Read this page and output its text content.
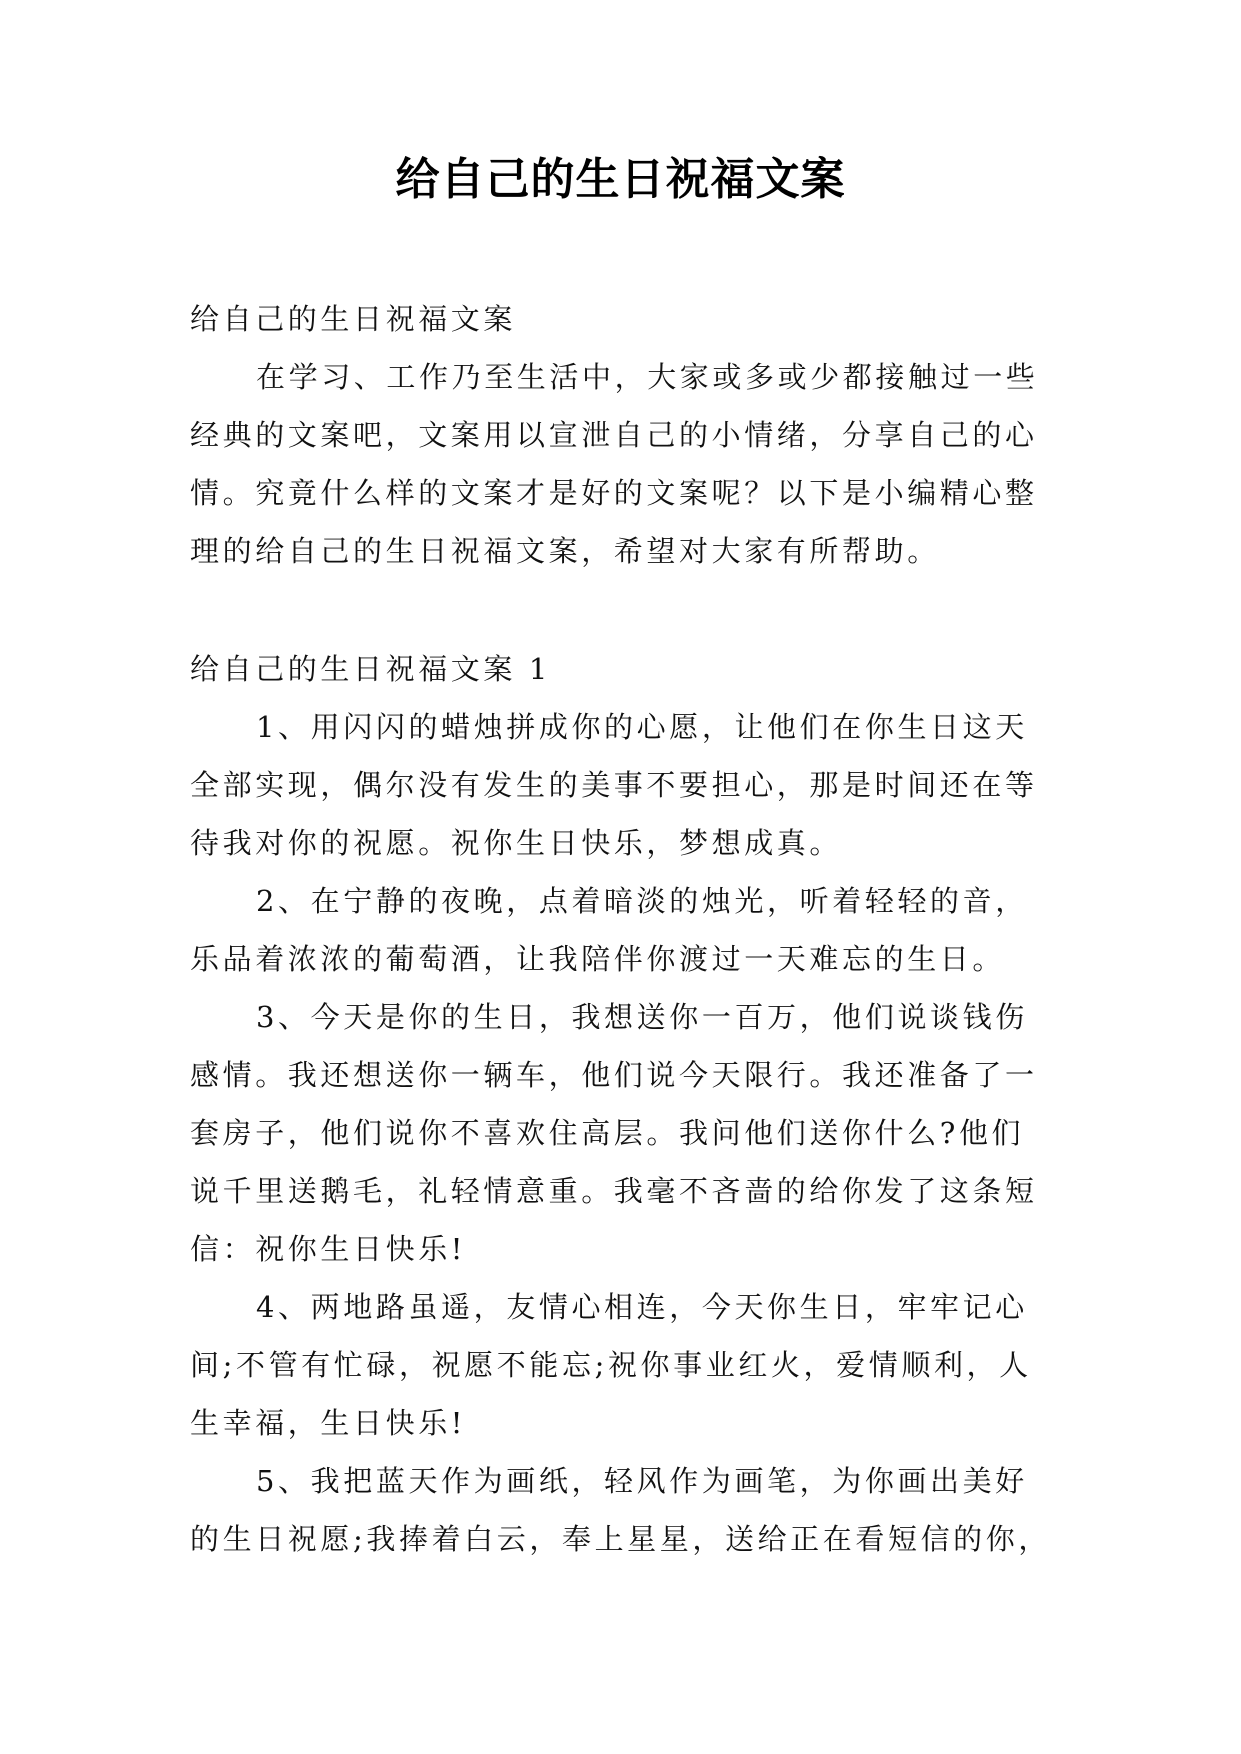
给自己的生日祝福文案

给自己的生日祝福文案

在学习、工作乃至生活中，大家或多或少都接触过一些经典的文案吧，文案用以宣泄自己的小情绪，分享自己的心情。究竟什么样的文案才是好的文案呢？以下是小编精心整理的给自己的生日祝福文案，希望对大家有所帮助。

给自己的生日祝福文案 1

1、用闪闪的蜡烛拼成你的心愿，让他们在你生日这天全部实现，偶尔没有发生的美事不要担心，那是时间还在等待我对你的祝愿。祝你生日快乐，梦想成真。

2、在宁静的夜晚，点着暗淡的烛光，听着轻轻的音，乐品着浓浓的葡萄酒，让我陪伴你渡过一天难忘的生日。

3、今天是你的生日，我想送你一百万，他们说谈钱伤感情。我还想送你一辆车，他们说今天限行。我还准备了一套房子，他们说你不喜欢住高层。我问他们送你什么?他们说千里送鹅毛，礼轻情意重。我毫不吝啬的给你发了这条短信：祝你生日快乐!

4、两地路虽遥，友情心相连，今天你生日，牢牢记心间;不管有忙碌，祝愿不能忘;祝你事业红火，爱情顺利，人生幸福，生日快乐!

5、我把蓝天作为画纸，轻风作为画笔，为你画出美好的生日祝愿;我捧着白云，奉上星星，送给正在看短信的你，
